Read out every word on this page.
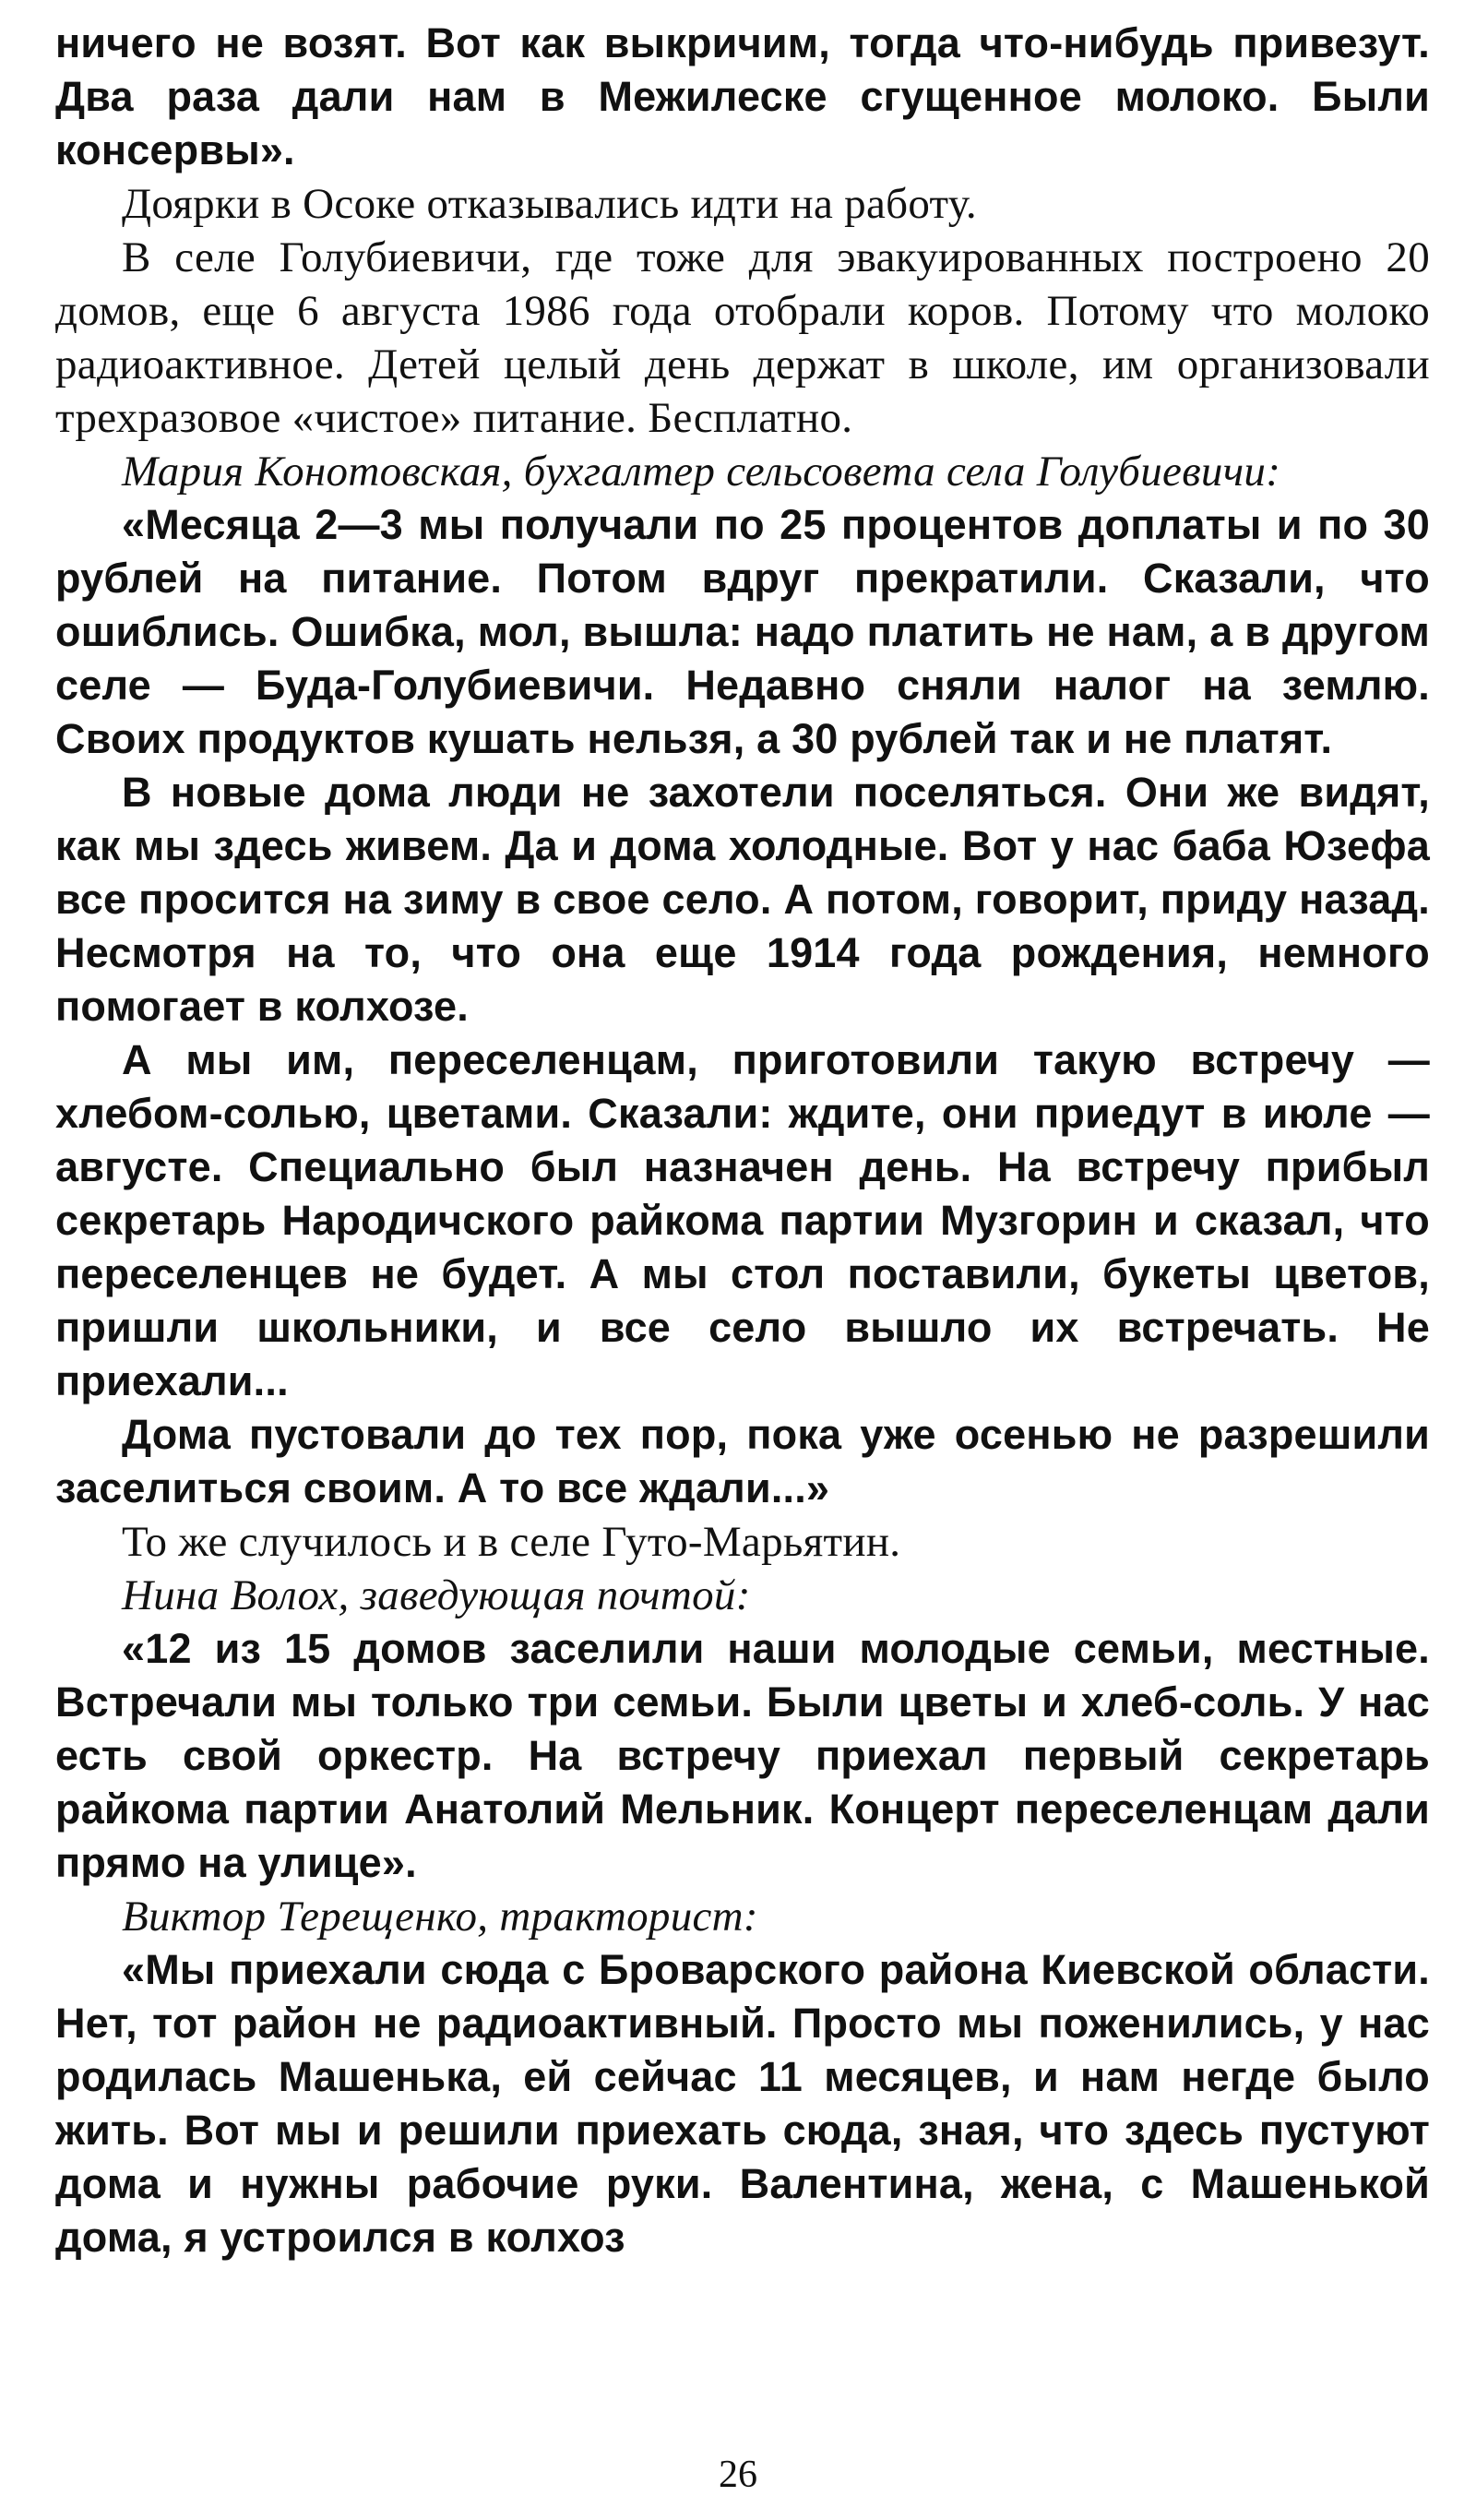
ничего не возят. Вот как выкричим, тогда что-нибудь привезут. Два раза дали нам в Межилеске сгущенное молоко. Были консервы».

Доярки в Осоке отказывались идти на работу.

В селе Голубиевичи, где тоже для эвакуированных построено 20 домов, еще 6 августа 1986 года отобрали коров. Потому что молоко радиоактивное. Детей целый день держат в школе, им организовали трехразовое «чистое» питание. Бесплатно.

Мария Конотовская, бухгалтер сельсовета села Голубиевичи:

«Месяца 2—3 мы получали по 25 процентов доплаты и по 30 рублей на питание. Потом вдруг прекратили. Сказали, что ошиблись. Ошибка, мол, вышла: надо платить не нам, а в другом селе — Буда-Голубиевичи. Недавно сняли налог на землю. Своих продуктов кушать нельзя, а 30 рублей так и не платят.

В новые дома люди не захотели поселяться. Они же видят, как мы здесь живем. Да и дома холодные. Вот у нас баба Юзефа все просится на зиму в свое село. А потом, говорит, приду назад. Несмотря на то, что она еще 1914 года рождения, немного помогает в колхозе.

А мы им, переселенцам, приготовили такую встречу — хлебом-солью, цветами. Сказали: ждите, они приедут в июле — августе. Специально был назначен день. На встречу прибыл секретарь Народичского райкома партии Музгорин и сказал, что переселенцев не будет. А мы стол поставили, букеты цветов, пришли школьники, и все село вышло их встречать. Не приехали...

Дома пустовали до тех пор, пока уже осенью не разрешили заселиться своим. А то все ждали...»

То же случилось и в селе Гуто-Марьятин.

Нина Волох, заведующая почтой:

«12 из 15 домов заселили наши молодые семьи, местные. Встречали мы только три семьи. Были цветы и хлеб-соль. У нас есть свой оркестр. На встречу приехал первый секретарь райкома партии Анатолий Мельник. Концерт переселенцам дали прямо на улице».

Виктор Терещенко, тракторист:

«Мы приехали сюда с Броварского района Киевской области. Нет, тот район не радиоактивный. Просто мы поженились, у нас родилась Машенька, ей сейчас 11 месяцев, и нам негде было жить. Вот мы и решили приехать сюда, зная, что здесь пустуют дома и нужны рабочие руки. Валентина, жена, с Машенькой дома, я устроился в колхоз

26
